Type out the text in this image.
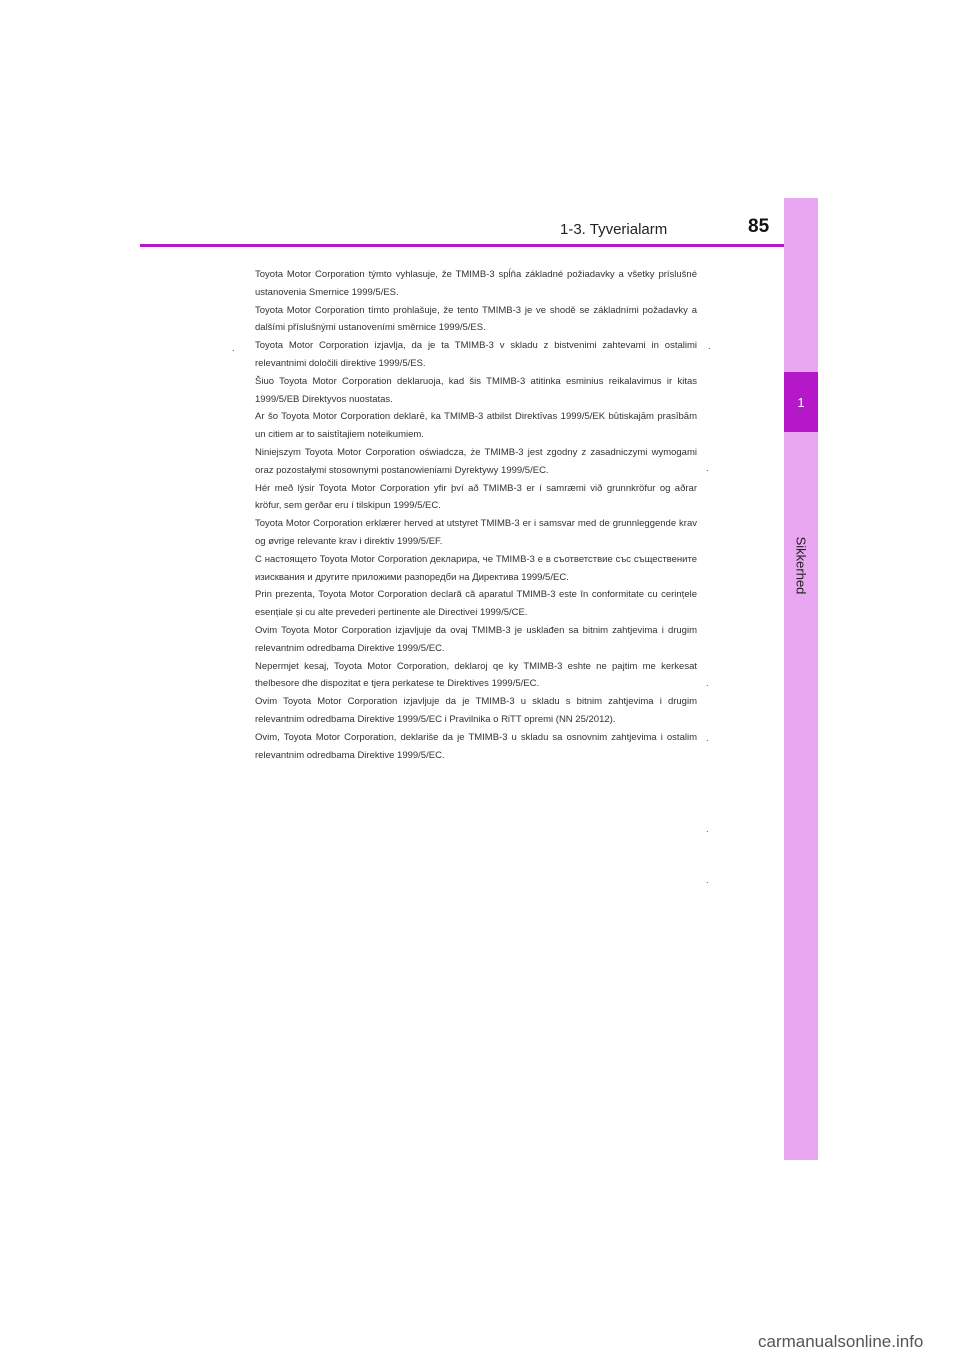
1
Sikkerhed
1-3. Tyverialarm	85

Toyota Motor Corporation týmto vyhlasuje, že TMIMB-3 spĺňa základné požiadavky a všetky príslušné ustanovenia Smernice 1999/5/ES.

Toyota Motor Corporation tímto prohlašuje, že tento TMIMB-3 je ve shodě se základními požadavky a dalšími příslušnými ustanoveními směrnice 1999/5/ES.

Toyota Motor Corporation izjavlja, da je ta TMIMB-3 v skladu z bistvenimi zahtevami in ostalimi relevantnimi določili direktive 1999/5/ES.

Šiuo Toyota Motor Corporation deklaruoja, kad šis TMIMB-3 atitinka esminius reikalavimus ir kitas 1999/5/EB Direktyvos nuostatas.

Ar šo Toyota Motor Corporation deklarē, ka TMIMB-3 atbilst Direktīvas 1999/5/EK būtiskajām prasībām un citiem ar to saistītajiem noteikumiem.

Niniejszym Toyota Motor Corporation oświadcza, że TMIMB-3 jest zgodny z zasadniczymi wymogami oraz pozostałymi stosownymi postanowieniami Dyrektywy 1999/5/EC.

Hér með lýsir Toyota Motor Corporation yfir því að TMIMB-3 er í samræmi við grunnkröfur og aðrar kröfur, sem gerðar eru í tilskipun 1999/5/EC.

Toyota Motor Corporation erklærer herved at utstyret TMIMB-3 er i samsvar med de grunnleggende krav og øvrige relevante krav i direktiv 1999/5/EF.

С настоящето Toyota Motor Corporation декларира, че TMIMB-3 е в съответствие със съществените изисквания и другите приложими разпоредби на Директива 1999/5/ЕС.

Prin prezenta, Toyota Motor Corporation declară că aparatul TMIMB-3 este în conformitate cu cerințele esențiale și cu alte prevederi pertinente ale Directivei 1999/5/CE.

Ovim Toyota Motor Corporation izjavljuje da ovaj TMIMB-3 je usklađen sa bitnim zahtjevima i drugim relevantnim odredbama Direktive 1999/5/EC.

Nepermjet kesaj, Toyota Motor Corporation, deklaroj qe ky TMIMB-3 eshte ne pajtim me kerkesat thelbesore dhe dispozitat e tjera perkatese te Direktives 1999/5/EC.

Ovim Toyota Motor Corporation izjavljuje da je TMIMB-3 u skladu s bitnim zahtjevima i drugim relevantnim odredbama Direktive 1999/5/EC i Pravilnika o RiTT opremi (NN 25/2012).

Ovim, Toyota Motor Corporation, deklariše da je TMIMB-3 u skladu sa osnovnim zahtjevima i ostalim relevantnim odredbama Direktive 1999/5/EC.

.	.
.
.
.
.
.
carmanualsonline.info
